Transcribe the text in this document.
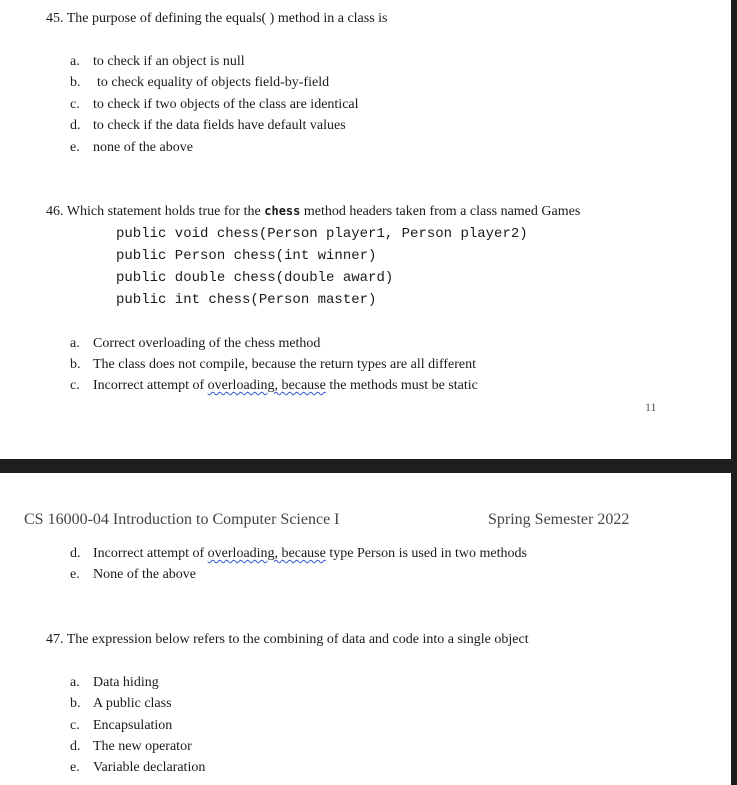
45. The purpose of defining the equals( ) method in a class is
a. to check if an object is null
b.	to check equality of objects field-by-field
c. to check if two objects of the class are identical
d. to check if the data fields have default values
e. none of the above
46. Which statement holds true for the chess method headers taken from a class named Games
public void chess(Person player1, Person player2)
public Person chess(int winner)
public double chess(double award)
public int chess(Person master)
a. Correct overloading of the chess method
b. The class does not compile, because the return types are all different
c. Incorrect attempt of overloading, because the methods must be static
11
CS 16000-04 Introduction to Computer Science I	Spring Semester 2022
d. Incorrect attempt of overloading, because type Person is used in two methods
e. None of the above
47. The expression below refers to the combining of data and code into a single object
a. Data hiding
b. A public class
c. Encapsulation
d. The new operator
e. Variable declaration
